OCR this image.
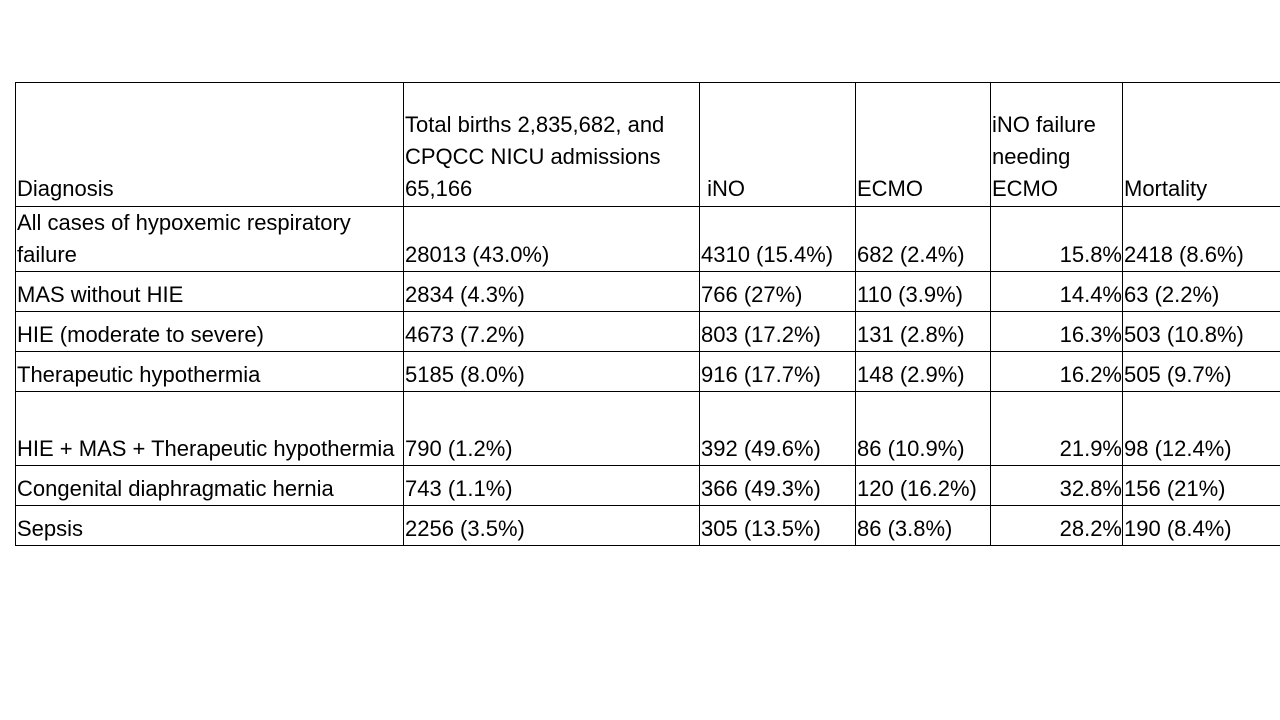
Diagnosis	Total births 2,835,682, and CPQCC NICU admissions 65,166	iNO	ECMO	iNO failure needing ECMO	Mortality
All cases of hypoxemic respiratory failure	28013 (43.0%)	4310 (15.4%)	682 (2.4%)	15.8%	2418 (8.6%)
MAS without HIE	2834 (4.3%)	766 (27%)	110 (3.9%)	14.4%	63 (2.2%)
HIE (moderate to severe)	4673 (7.2%)	803 (17.2%)	131 (2.8%)	16.3%	503 (10.8%)
Therapeutic hypothermia	5185 (8.0%)	916 (17.7%)	148 (2.9%)	16.2%	505 (9.7%)
HIE + MAS + Therapeutic hypothermia	790 (1.2%)	392 (49.6%)	86 (10.9%)	21.9%	98 (12.4%)
Congenital diaphragmatic hernia	743 (1.1%)	366 (49.3%)	120 (16.2%)	32.8%	156 (21%)
Sepsis	2256 (3.5%)	305 (13.5%)	86 (3.8%)	28.2%	190 (8.4%)
